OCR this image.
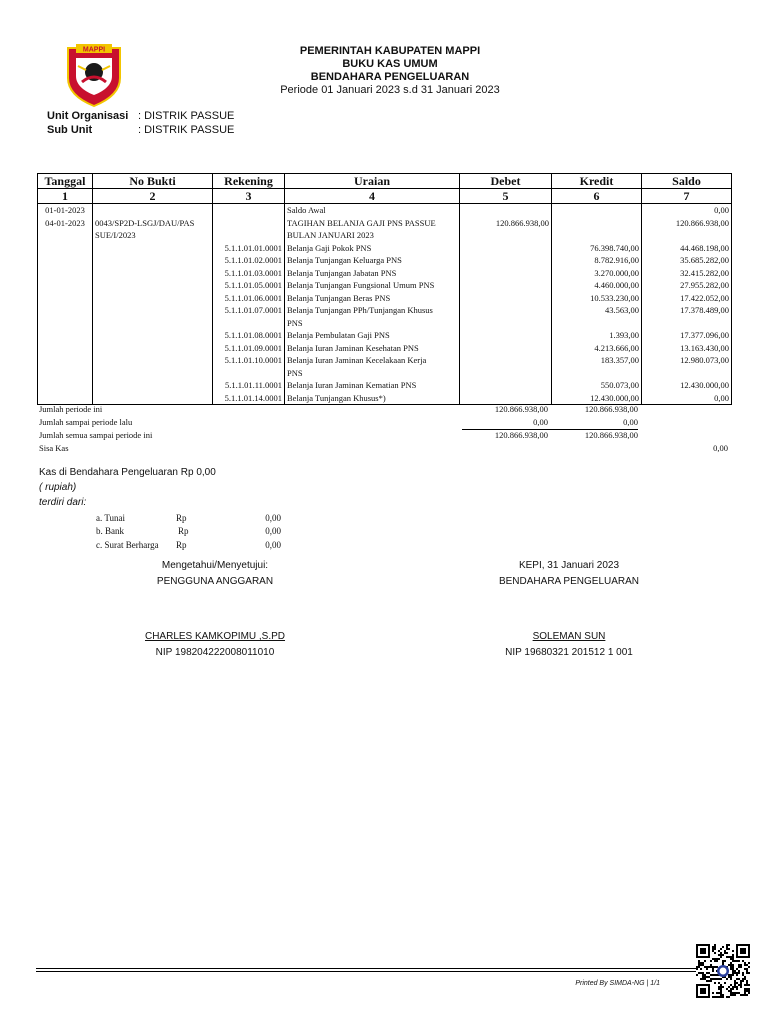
MAPPI	PEMERINTAH KABUPATEN MAPPI
BUKU KAS UMUM
BENDAHARA PENGELUARAN
Periode 01 Januari 2023 s.d 31 Januari 2023
Unit Organisasi : DISTRIK PASSUE
Sub Unit	: DISTRIK PASSUE
Tanggal	No Bukti	Rekening	Uraian	Debet	Kredit	Saldo
1	2	3	4	5	6	7
01-01-2023			Saldo Awal			0,00
04-01-2023	0043/SP2D-LSGJ/DAU/PAS		TAGIHAN BELANJA GAJI PNS PASSUE	120.866.938,00		120.866.938,00
	SUE/I/2023		BULAN JANUARI 2023			
		5.1.1.01.01.0001	Belanja Gaji Pokok PNS		76.398.740,00	44.468.198,00
		5.1.1.01.02.0001	Belanja Tunjangan Keluarga PNS		8.782.916,00	35.685.282,00
		5.1.1.01.03.0001	Belanja Tunjangan Jabatan PNS		3.270.000,00	32.415.282,00
		5.1.1.01.05.0001	Belanja Tunjangan Fungsional Umum PNS		4.460.000,00	27.955.282,00
		5.1.1.01.06.0001	Belanja Tunjangan Beras PNS		10.533.230,00	17.422.052,00
		5.1.1.01.07.0001	Belanja Tunjangan PPh/Tunjangan Khusus		43.563,00	17.378.489,00
			PNS			
		5.1.1.01.08.0001	Belanja Pembulatan Gaji PNS		1.393,00	17.377.096,00
		5.1.1.01.09.0001	Belanja Iuran Jaminan Kesehatan PNS		4.213.666,00	13.163.430,00
		5.1.1.01.10.0001	Belanja Iuran Jaminan Kecelakaan Kerja		183.357,00	12.980.073,00
			PNS			
		5.1.1.01.11.0001	Belanja Iuran Jaminan Kematian PNS		550.073,00	12.430.000,00
		5.1.1.01.14.0001	Belanja Tunjangan Khusus*)		12.430.000,00	0,00
Jumlah periode ini	120.866.938,00	120.866.938,00
Jumlah sampai periode lalu	0,00	0,00
Jumlah semua sampai periode ini	120.866.938,00	120.866.938,00
Sisa Kas	0,00
Kas di Bendahara Pengeluaran Rp 0,00
( rupiah)
terdiri dari:
a. Tunai	Rp	0,00
b. Bank	Rp	0,00
c. Surat Berharga Rp	0,00
Mengetahui/Menyetujui:
PENGGUNA ANGGARAN
CHARLES KAMKOPIMU ,S.PD
NIP 198204222008011010
KEPI, 31 Januari 2023
BENDAHARA PENGELUARAN
SOLEMAN SUN
NIP 19680321 201512 1 001
Printed By SIMDA-NG | 1/1
